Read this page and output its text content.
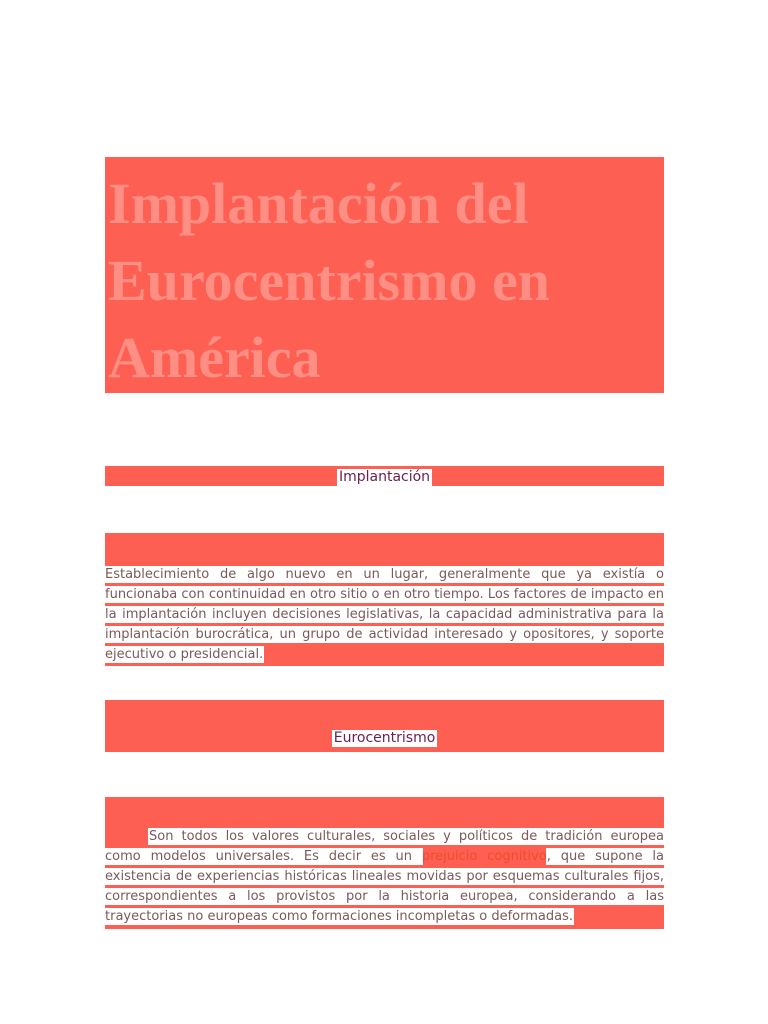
Implantación del Eurocentrismo en América
Implantación

Establecimiento de algo nuevo en un lugar, generalmente que ya existía o funcionaba con continuidad en otro sitio o en otro tiempo. Los factores de impacto en la implantación incluyen decisiones legislativas, la capacidad administrativa para la implantación burocrática, un grupo de actividad interesado y opositores, y soporte ejecutivo o presidencial.

Eurocentrismo

Son todos los valores culturales, sociales y políticos de tradición europea como modelos universales. Es decir es un prejuicio cognitivo, que supone la existencia de experiencias históricas lineales movidas por esquemas culturales fijos, correspondientes a los provistos por la historia europea, considerando a las trayectorias no europeas como formaciones incompletas o deformadas.
